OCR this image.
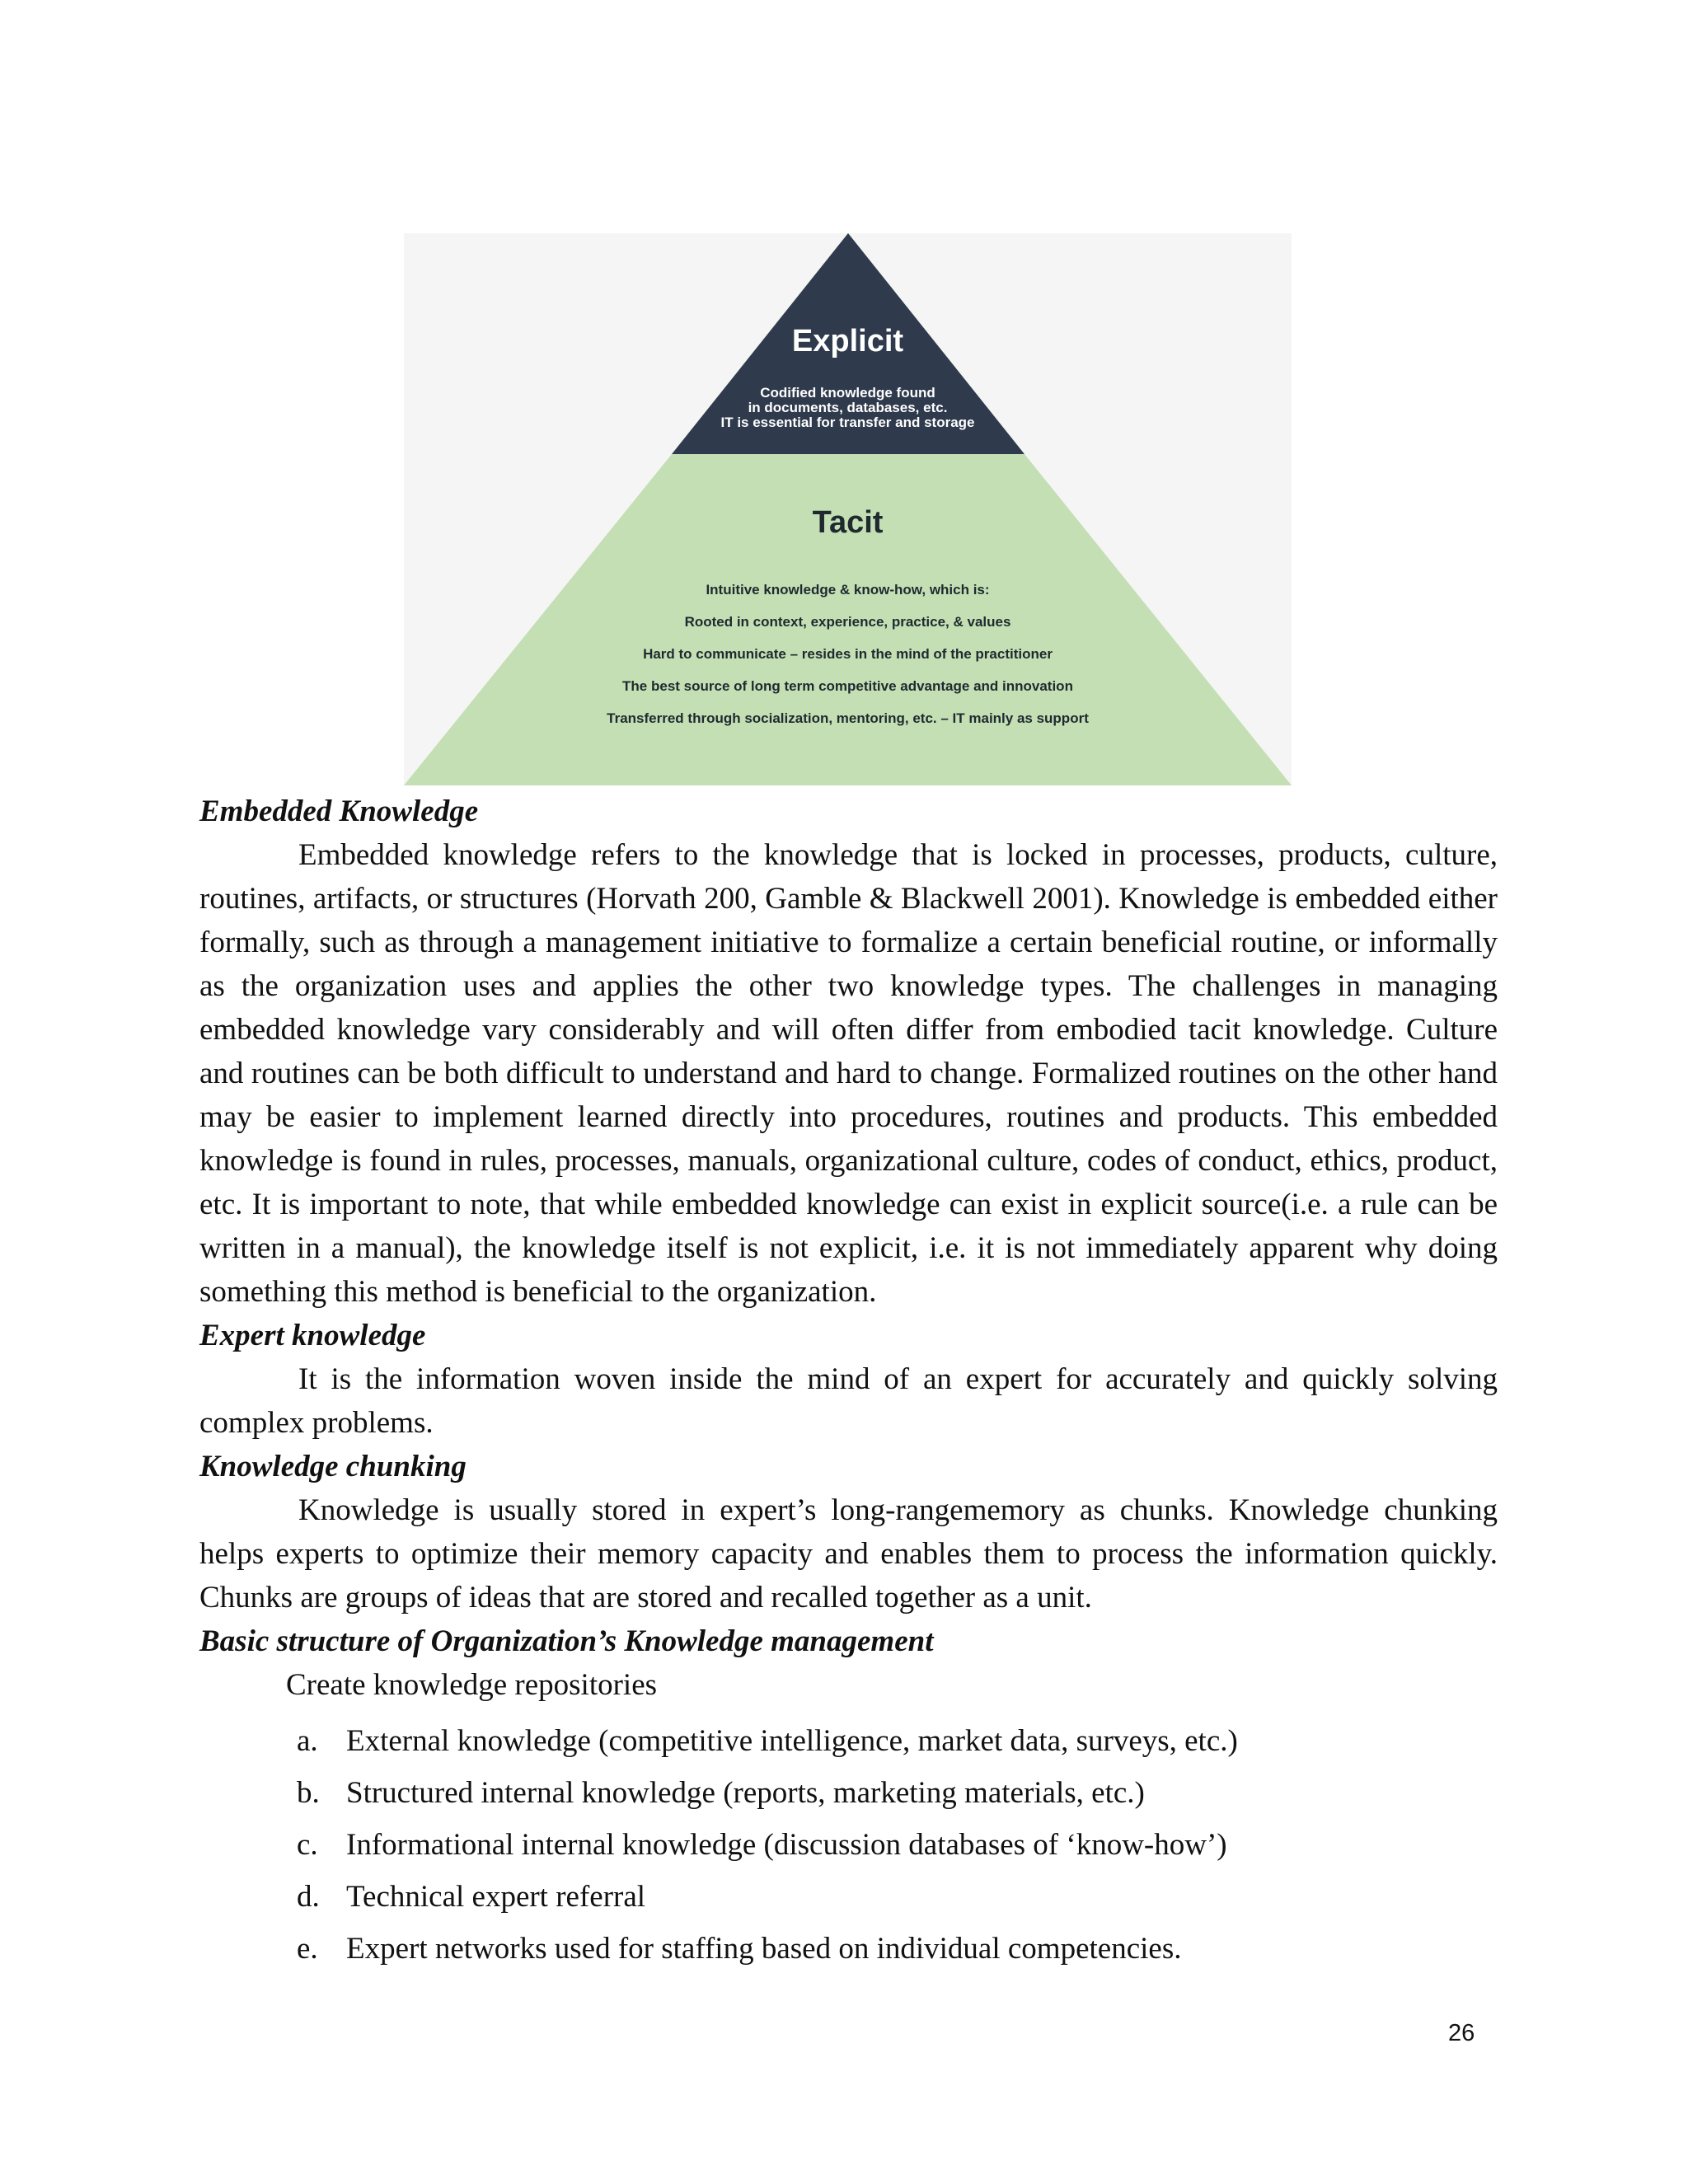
Explicit
Codified knowledge found
in documents, databases, etc.
IT is essential for transfer and storage
Tacit
Intuitive knowledge & know-how, which is:
Rooted in context, experience, practice, & values
Hard to communicate – resides in the mind of the practitioner
The best source of long term competitive advantage and innovation
Transferred through socialization, mentoring, etc. – IT mainly as support
Embedded Knowledge
Embedded knowledge refers to the knowledge that is locked in processes, products, culture, routines, artifacts, or structures (Horvath 200, Gamble & Blackwell 2001). Knowledge is embedded either formally, such as through a management initiative to formalize a certain beneficial routine, or informally as the organization uses and applies the other two knowledge types. The challenges in managing embedded knowledge vary considerably and will often differ from embodied tacit knowledge. Culture and routines can be both difficult to understand and hard to change. Formalized routines on the other hand may be easier to implement learned directly into procedures, routines and products. This embedded knowledge is found in rules, processes, manuals, organizational culture, codes of conduct, ethics, product, etc. It is important to note, that while embedded knowledge can exist in explicit source(i.e. a rule can be written in a manual), the knowledge itself is not explicit, i.e. it is not immediately apparent why doing something this method is beneficial to the organization.
Expert knowledge
It is the information woven inside the mind of an expert for accurately and quickly solving complex problems.
Knowledge chunking
Knowledge is usually stored in expert’s long-rangememory as chunks. Knowledge chunking helps experts to optimize their memory capacity and enables them to process the information quickly. Chunks are groups of ideas that are stored and recalled together as a unit.
Basic structure of Organization’s Knowledge management
Create knowledge repositories
a. External knowledge (competitive intelligence, market data, surveys, etc.)
b. Structured internal knowledge (reports, marketing materials, etc.)
c. Informational internal knowledge (discussion databases of ‘know-how’)
d. Technical expert referral
e. Expert networks used for staffing based on individual competencies.
26
